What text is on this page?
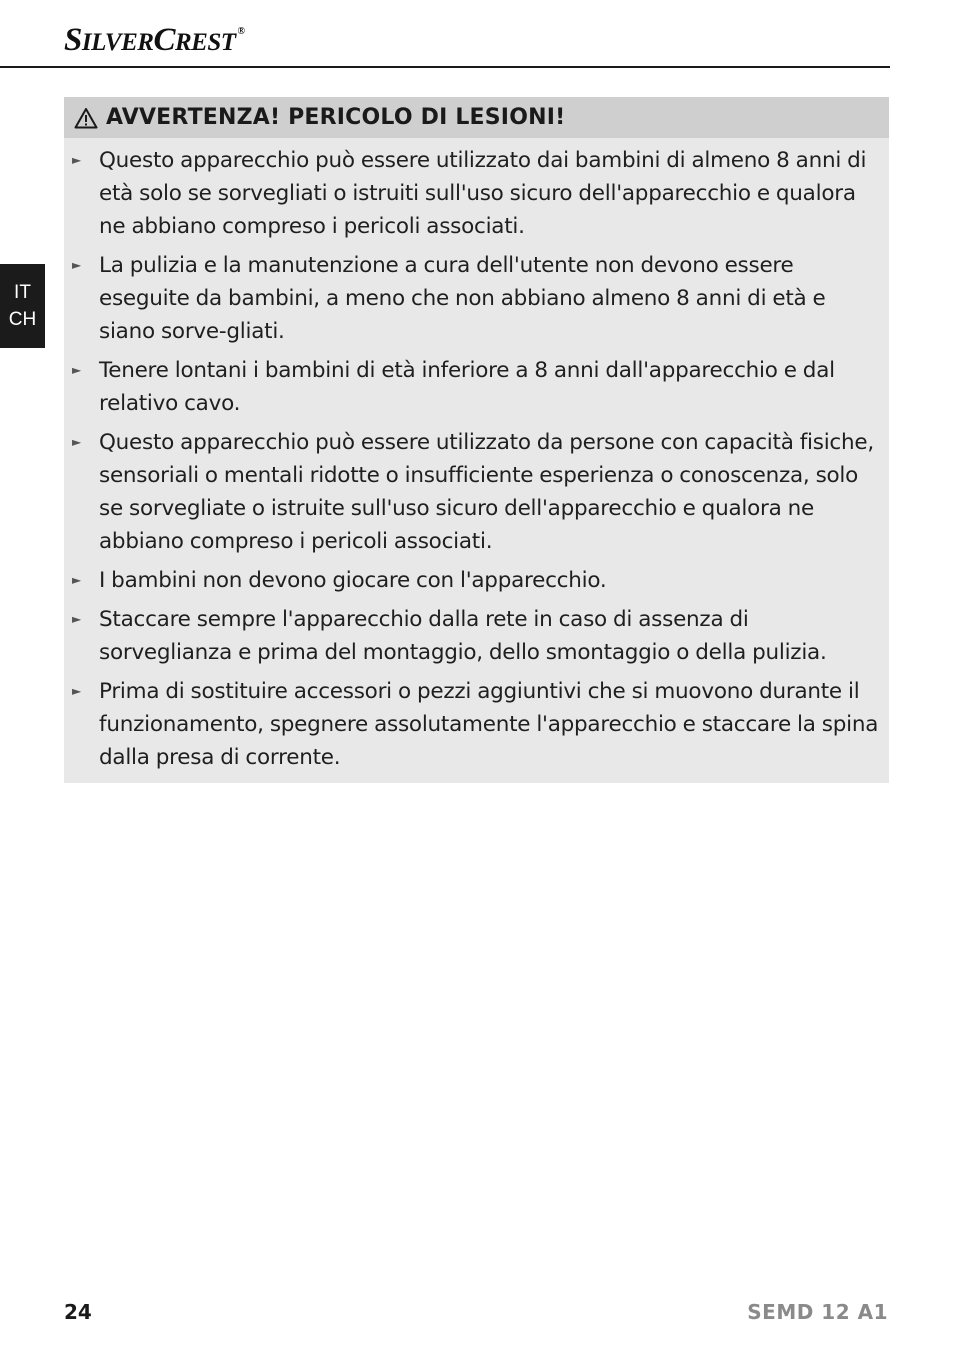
SILVERCREST ®
IT
CH
AVVERTENZA! PERICOLO DI LESIONI!
► Questo apparecchio può essere utilizzato dai bambini di almeno 8 anni di età solo se sorvegliati o istruiti sull'uso sicuro dell'apparecchio e qualora ne abbiano compreso i pericoli associati.
► La pulizia e la manutenzione a cura dell'utente non devono essere eseguite da bambini, a meno che non abbiano almeno 8 anni di età e siano sorve-gliati.
► Tenere lontani i bambini di età inferiore a 8 anni dall'apparecchio e dal relativo cavo.
► Questo apparecchio può essere utilizzato da persone con capacità fisiche, sensoriali o mentali ridotte o insufficiente esperienza o conoscenza, solo se sorvegliate o istruite sull'uso sicuro dell'apparecchio e qualora ne abbiano compreso i pericoli associati.
► I bambini non devono giocare con l'apparecchio.
► Staccare sempre l'apparecchio dalla rete in caso di assenza di sorveglianza e prima del montaggio, dello smontaggio o della pulizia.
► Prima di sostituire accessori o pezzi aggiuntivi che si muovono durante il funzionamento, spegnere assolutamente l'apparecchio e staccare la spina dalla presa di corrente.
24	SEMD 12 A1
